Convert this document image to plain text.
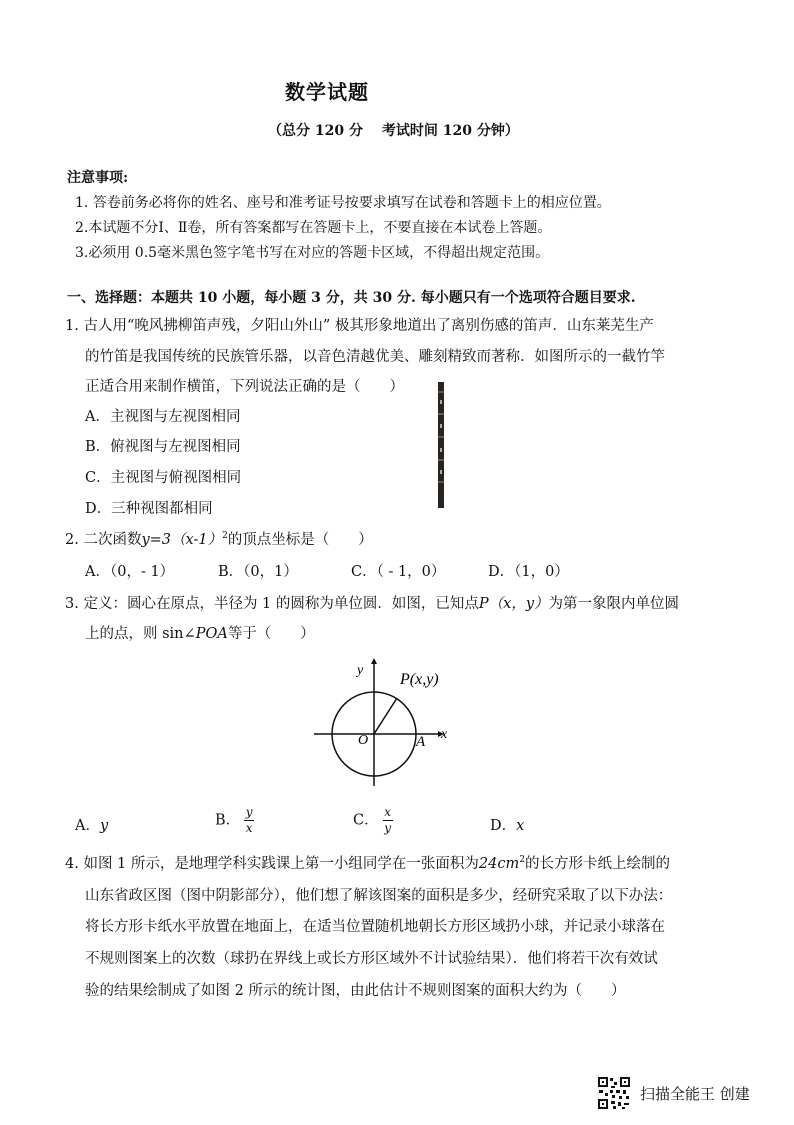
数学试题
（总分 120 分　 考试时间 120 分钟）
注意事项:
1. 答卷前务必将你的姓名、座号和准考证号按要求填写在试卷和答题卡上的相应位置。
2.本试题不分Ⅰ、Ⅱ卷，所有答案都写在答题卡上，不要直接在本试卷上答题。
3.必须用 0.5毫米黑色签字笔书写在对应的答题卡区域，不得超出规定范围。
一、选择题：本题共 10 小题，每小题 3 分，共 30 分. 每小题只有一个选项符合题目要求.
1. 古人用“晚风拂柳笛声残，夕阳山外山” 极其形象地道出了离别伤感的笛声．山东莱芜生产
的竹笛是我国传统的民族管乐器，以音色清越优美、雕刻精致而著称．如图所示的一截竹竿
正适合用来制作横笛，下列说法正确的是（　　）
A．主视图与左视图相同
B．俯视图与左视图相同
C．主视图与俯视图相同
D．三种视图都相同
2. 二次函数$y=3(x-1)^2$的顶点坐标是（　　）
A．（0，- 1）	B．（0，1）	C．（ - 1，0）	D．（1，0）
3. 定义：圆心在原点，半径为 1 的圆称为单位圆．如图，已知点P（x，y）为第一象限内单位圆
上的点，则 sin∠POA等于（　　）
P(x,y)
O	A x
y
A．y	B． $\frac{y}{x}$	C． $\frac{x}{y}$	D．x
4. 如图 1 所示，是地理学科实践课上第一小组同学在一张面积为$24cm^2$的长方形卡纸上绘制的
山东省政区图（图中阴影部分），他们想了解该图案的面积是多少，经研究采取了以下办法：
将长方形卡纸水平放置在地面上，在适当位置随机地朝长方形区域扔小球，并记录小球落在
不规则图案上的次数（球扔在界线上或长方形区域外不计试验结果）．他们将若干次有效试
验的结果绘制成了如图 2 所示的统计图，由此估计不规则图案的面积大约为（　　）
扫描全能王 创建
